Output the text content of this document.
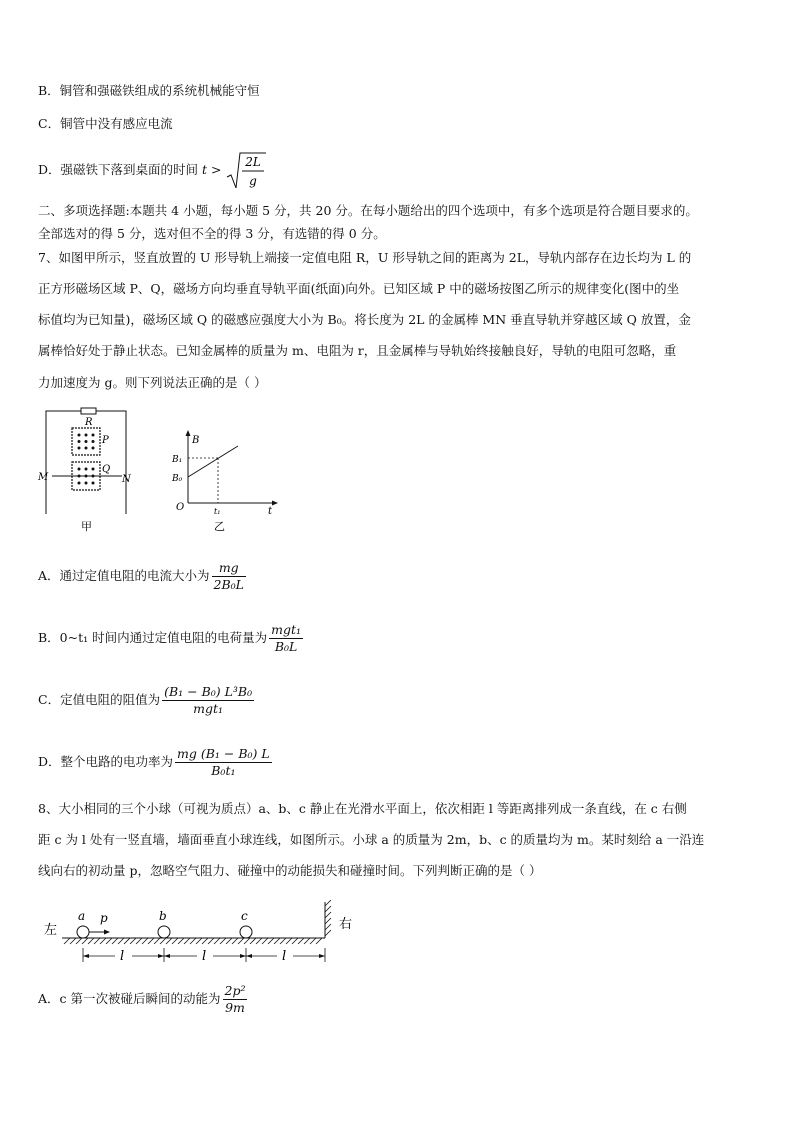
B．铜管和强磁铁组成的系统机械能守恒
C．铜管中没有感应电流
D．强磁铁下落到桌面的时间 t >
2L
g
二、多项选择题:本题共 4 小题，每小题 5 分，共 20 分。在每小题给出的四个选项中，有多个选项是符合题目要求的。
全部选对的得 5 分，选对但不全的得 3 分，有选错的得 0 分。
7、如图甲所示，竖直放置的 U 形导轨上端接一定值电阻 R，U 形导轨之间的距离为 2L，导轨内部存在边长均为 L 的
正方形磁场区域 P、Q，磁场方向均垂直导轨平面(纸面)向外。已知区域 P 中的磁场按图乙所示的规律变化(图中的坐
标值均为已知量)，磁场区域 Q 的磁感应强度大小为 B₀。将长度为 2L 的金属棒 MN 垂直导轨并穿越区域 Q 放置，金
属棒恰好处于静止状态。已知金属棒的质量为 m、电阻为 r，且金属棒与导轨始终接触良好，导轨的电阻可忽略，重
力加速度为 g。则下列说法正确的是（ ）
R
P
Q
M	N
甲
B
B₁
B₀
O	t₁	t
乙
A．通过定值电阻的电流大小为 $\frac{mg}{\text{2B₀L}}$
B．0~t₁ 时间内通过定值电阻的电荷量为 $\frac{\text{mgt₁}}{\text{B₀L}}$
C．定值电阻的阻值为 $\frac{\text{(B₁ − B₀) L³B₀}}{\text{mgt₁}}$
D．整个电路的电功率为 $\frac{\text{mg (B₁ − B₀) L}}{\text{B₀t₁}}$
8、大小相同的三个小球（可视为质点）a、b、c 静止在光滑水平面上，依次相距 l 等距离排列成一条直线，在 c 右侧
距 c 为 l 处有一竖直墙，墙面垂直小球连线，如图所示。小球 a 的质量为 2m，b、c 的质量均为 m。某时刻给 a 一沿连
线向右的初动量 p，忽略空气阻力、碰撞中的动能损失和碰撞时间。下列判断正确的是（ ）
左	右
a	b	c
p
l	l	l
A．c 第一次被碰后瞬间的动能为 $\frac{\text{2p²}}{9m}$
